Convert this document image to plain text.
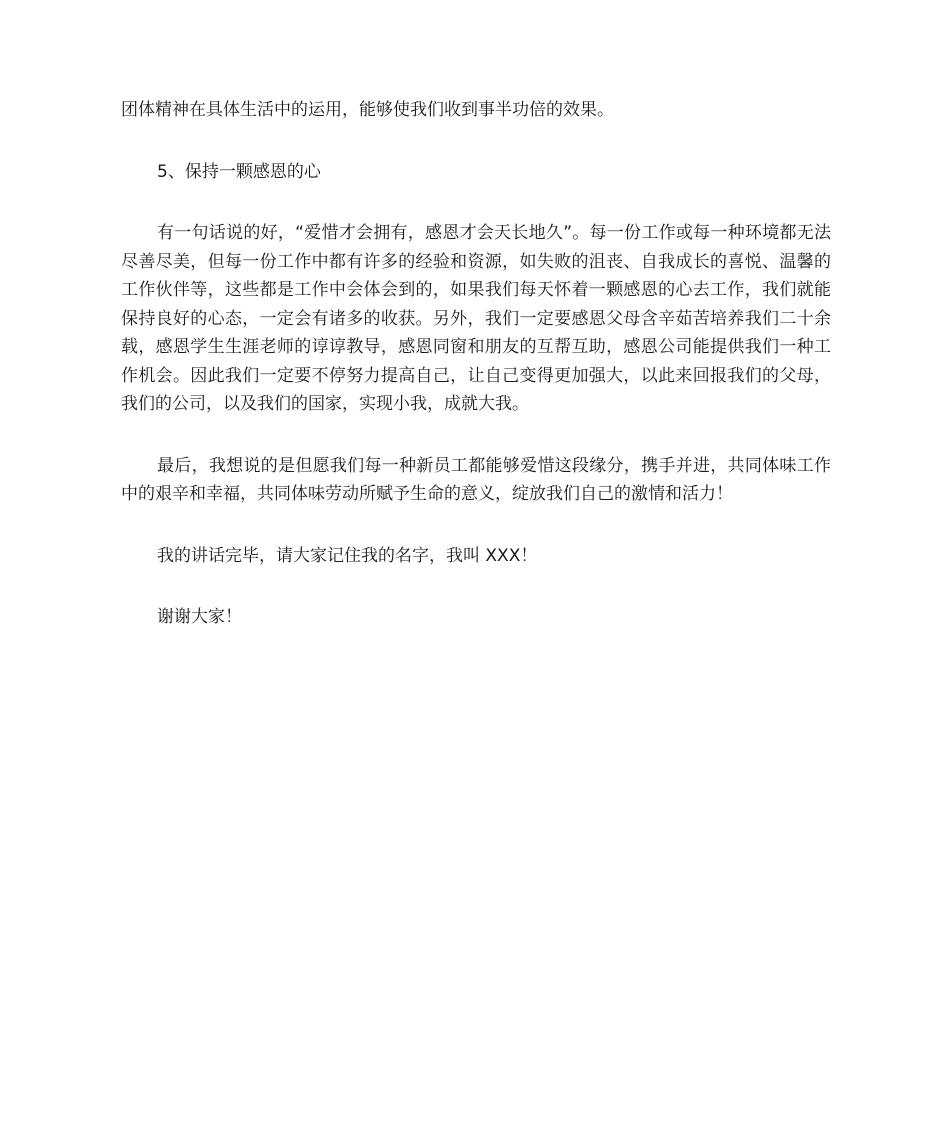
团体精神在具体生活中的运用，能够使我们收到事半功倍的效果。

5、保持一颗感恩的心

有一句话说的好，“爱惜才会拥有，感恩才会天长地久”。每一份工作或每一种环境都无法尽善尽美，但每一份工作中都有许多的经验和资源，如失败的沮丧、自我成长的喜悦、温馨的工作伙伴等，这些都是工作中会体会到的，如果我们每天怀着一颗感恩的心去工作，我们就能保持良好的心态，一定会有诸多的收获。另外，我们一定要感恩父母含辛茹苦培养我们二十余载，感恩学生生涯老师的谆谆教导，感恩同窗和朋友的互帮互助，感恩公司能提供我们一种工作机会。因此我们一定要不停努力提高自己，让自己变得更加强大，以此来回报我们的父母，我们的公司，以及我们的国家，实现小我，成就大我。

最后，我想说的是但愿我们每一种新员工都能够爱惜这段缘分，携手并进，共同体味工作中的艰辛和幸福，共同体味劳动所赋予生命的意义，绽放我们自己的激情和活力！

我的讲话完毕，请大家记住我的名字，我叫 XXX！

谢谢大家！
